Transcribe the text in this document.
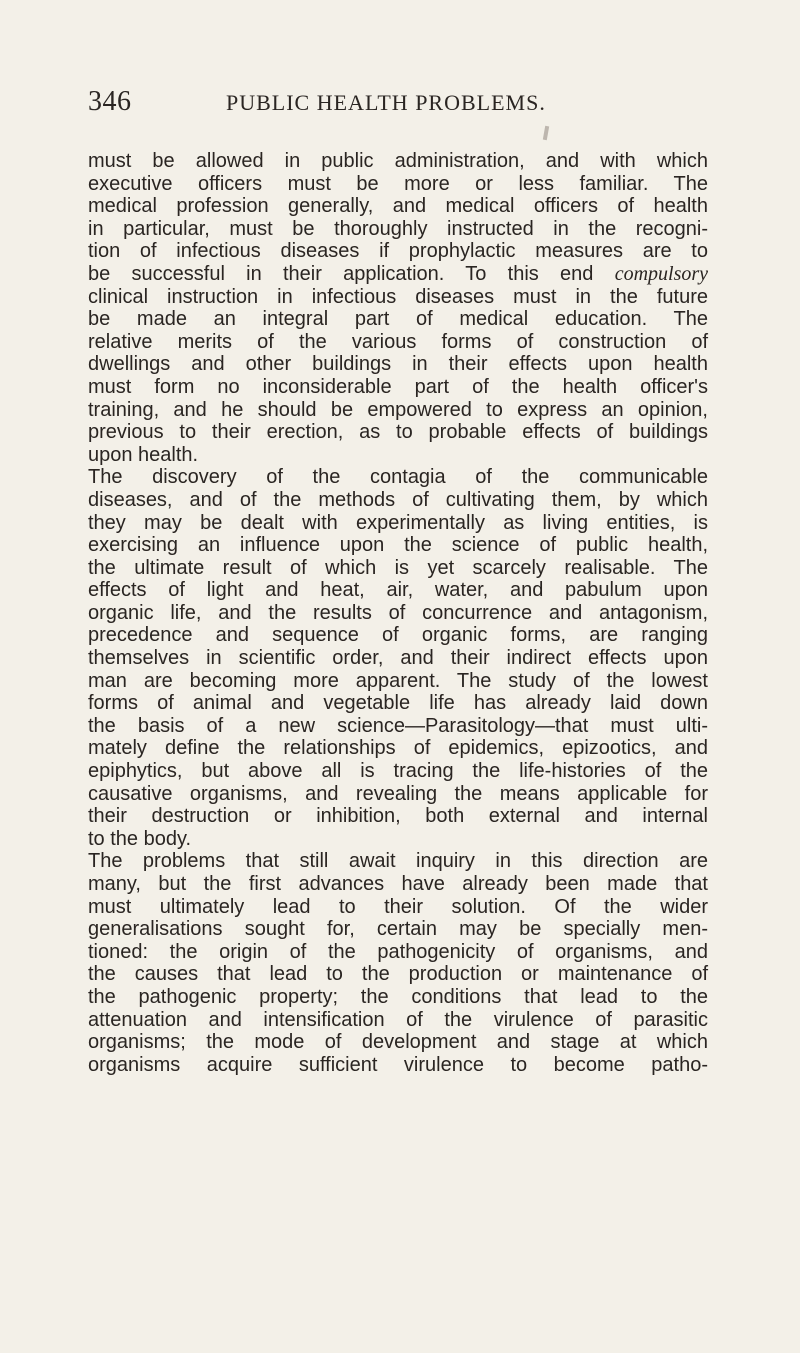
346	PUBLIC HEALTH PROBLEMS.
must be allowed in public administration, and with which
executive officers must be more or less familiar. The
medical profession generally, and medical officers of health
in particular, must be thoroughly instructed in the recogni-
tion of infectious diseases if prophylactic measures are to
be successful in their application. To this end compulsory
clinical instruction in infectious diseases must in the future
be made an integral part of medical education. The
relative merits of the various forms of construction of
dwellings and other buildings in their effects upon health
must form no inconsiderable part of the health officer's
training, and he should be empowered to express an opinion,
previous to their erection, as to probable effects of buildings
upon health.
The discovery of the contagia of the communicable
diseases, and of the methods of cultivating them, by which
they may be dealt with experimentally as living entities, is
exercising an influence upon the science of public health,
the ultimate result of which is yet scarcely realisable. The
effects of light and heat, air, water, and pabulum upon
organic life, and the results of concurrence and antagonism,
precedence and sequence of organic forms, are ranging
themselves in scientific order, and their indirect effects upon
man are becoming more apparent. The study of the lowest
forms of animal and vegetable life has already laid down
the basis of a new science—Parasitology—that must ulti-
mately define the relationships of epidemics, epizootics, and
epiphytics, but above all is tracing the life-histories of the
causative organisms, and revealing the means applicable for
their destruction or inhibition, both external and internal
to the body.
The problems that still await inquiry in this direction are
many, but the first advances have already been made that
must ultimately lead to their solution. Of the wider
generalisations sought for, certain may be specially men-
tioned: the origin of the pathogenicity of organisms, and
the causes that lead to the production or maintenance of
the pathogenic property; the conditions that lead to the
attenuation and intensification of the virulence of parasitic
organisms; the mode of development and stage at which
organisms acquire sufficient virulence to become patho-
